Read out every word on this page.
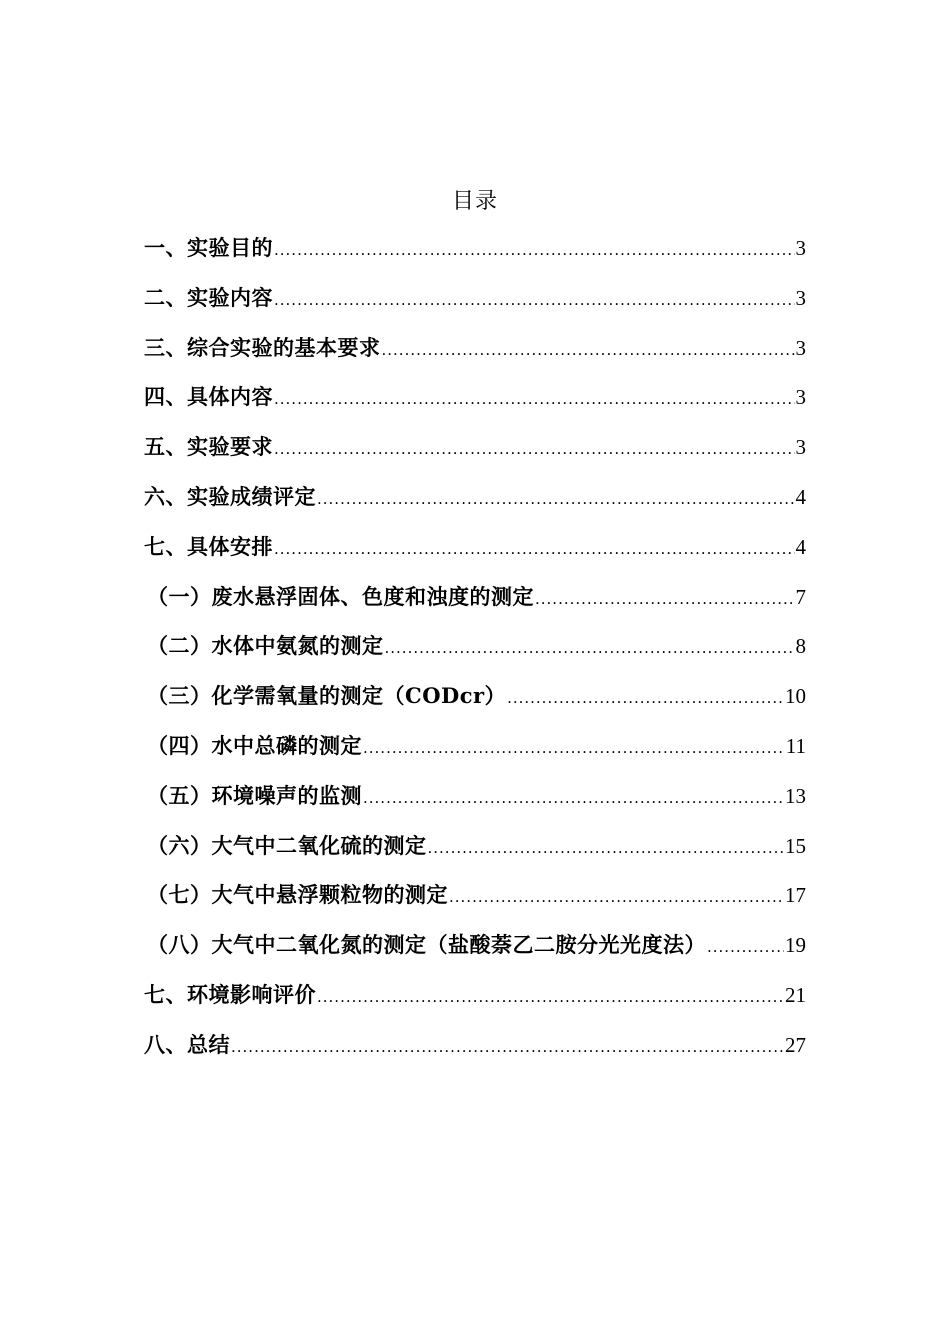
目录
一、实验目的 .....	3
二、实验内容 .....	3
三、综合实验的基本要求 .....	3
四、具体内容 .....	3
五、实验要求 .....	3
六、实验成绩评定 .....	4
七、具体安排 .....	4
（一）废水悬浮固体、色度和浊度的测定 .....	7
（二）水体中氨氮的测定 .....	8
（三）化学需氧量的测定（CODcr） .....	10
（四）水中总磷的测定 .....	11
（五）环境噪声的监测 .....	13
（六）大气中二氧化硫的测定 .....	15
（七）大气中悬浮颗粒物的测定 .....	17
（八）大气中二氧化氮的测定（盐酸萘乙二胺分光光度法） .....	19
七、环境影响评价 .....	21
八、总结 .....	27
